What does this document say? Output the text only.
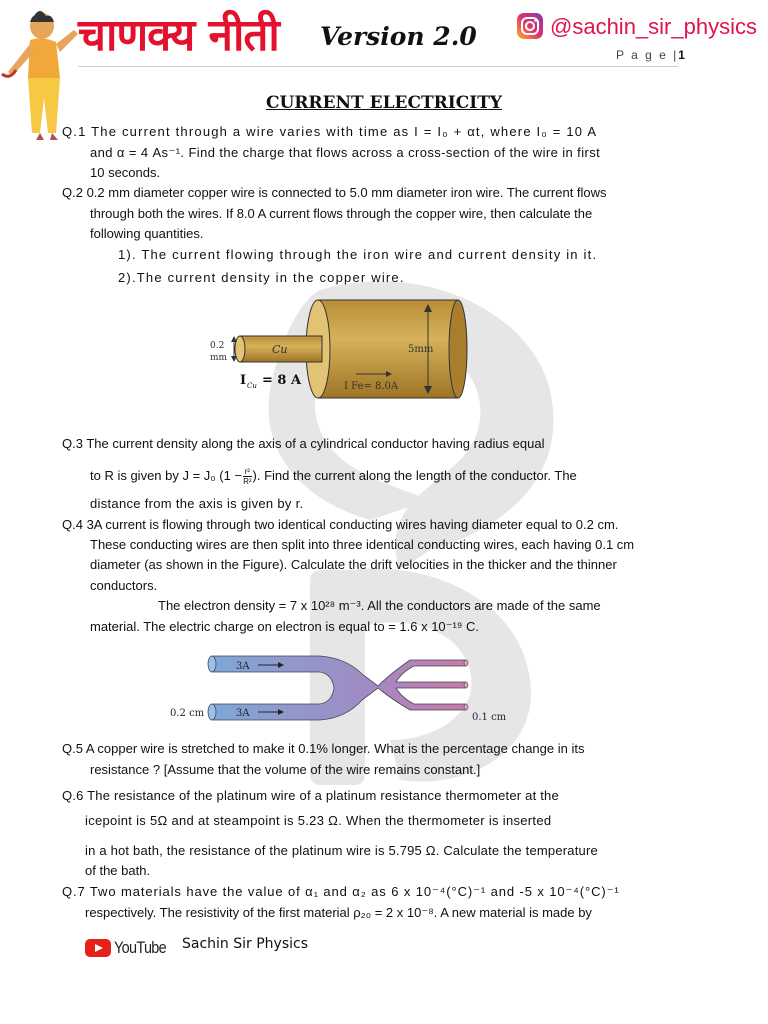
चाणक्य नीती Version 2.0	@sachin_sir_physics
P a g e |1
CURRENT ELECTRICITY
Q.1 The current through a wire varies with time as I = I₀ + αt, where I₀ = 10 A
and α = 4 As⁻¹. Find the charge that flows across a cross-section of the wire in first
10 seconds.
Q.2 0.2 mm diameter copper wire is connected to 5.0 mm diameter iron wire. The current flows
through both the wires. If 8.0 A current flows through the copper wire, then calculate the
following quantities.
1). The current flowing through the iron wire and current density in it.
2).The current density in the copper wire.
Cu
0.2
mm
5mm
I Cu = 8 A	I Fe= 8.0A
Q.3 The current density along the axis of a cylindrical conductor having radius equal
to R is given by J = J₀ ($1 - \frac{\text{r²}}{\text{R²}}$ ). Find the current along the length of the conductor. The
distance from the axis is given by r.
Q.4 3A current is flowing through two identical conducting wires having diameter equal to 0.2 cm.
These conducting wires are then split into three identical conducting wires, each having 0.1 cm
diameter (as shown in the Figure). Calculate the drift velocities in the thicker and the thinner
conductors.
The electron density = 7 x 10²⁸ m⁻³. All the conductors are made of the same
material. The electric charge on electron is equal to = 1.6 x 10⁻¹⁹ C.
3A
3A
0.2 cm	0.1 cm
Q.5 A copper wire is stretched to make it 0.1% longer. What is the percentage change in its
resistance ? [Assume that the volume of the wire remains constant.]
Q.6 The resistance of the platinum wire of a platinum resistance thermometer at the
icepoint is 5Ω and at steampoint is 5.23 Ω. When the thermometer is inserted
in a hot bath, the resistance of the platinum wire is 5.795 Ω. Calculate the temperature
of the bath.
Q.7 Two materials have the value of α₁ and α₂ as 6 x 10⁻⁴(°C)⁻¹ and -5 x 10⁻⁴(°C)⁻¹
respectively. The resistivity of the first material ρ₂₀ = 2 x 10⁻⁸. A new material is made by
YouTube Sachin Sir Physics
